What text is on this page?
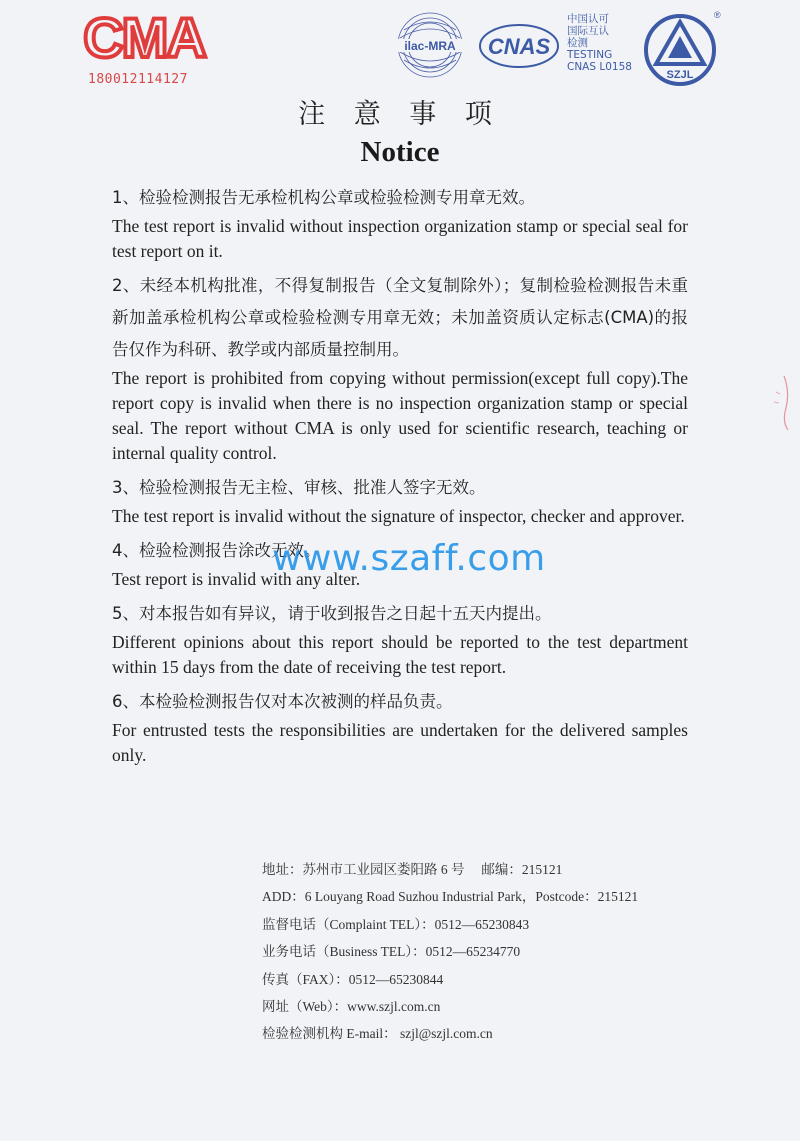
CMA
180012114127
ilac-MRA CNAS
中国认可
国际互认
检测
TESTING
CNAS L0158
SZJL
®
注 意 事 项
Notice
1、检验检测报告无承检机构公章或检验检测专用章无效。
The test report is invalid without inspection organization stamp or special seal for test report on it.
2、未经本机构批准，不得复制报告（全文复制除外）；复制检验检测报告未重新加盖承检机构公章或检验检测专用章无效；未加盖资质认定标志(CMA)的报告仅作为科研、教学或内部质量控制用。
The report is prohibited from copying without permission(except full copy).The report copy is invalid when there is no inspection organization stamp or special seal. The report without CMA is only used for scientific research, teaching or internal quality control.
3、检验检测报告无主检、审核、批准人签字无效。
The test report is invalid without the signature of inspector, checker and approver.
4、检验检测报告涂改无效。
Test report is invalid with any alter.
5、对本报告如有异议，请于收到报告之日起十五天内提出。
Different opinions about this report should be reported to the test department within 15 days from the date of receiving the test report.
6、本检验检测报告仅对本次被测的样品负责。
For entrusted tests the responsibilities are undertaken for the delivered samples only.
www.szaff.com
地址：苏州市工业园区娄阳路 6 号　 邮编：215121
ADD：6 Louyang Road Suzhou Industrial Park，Postcode：215121
监督电话（Complaint TEL）：0512—65230843
业务电话（Business TEL）：0512—65234770
传真（FAX）：0512—65230844
网址（Web）：www.szjl.com.cn
检验检测机构 E-mail： szjl@szjl.com.cn
